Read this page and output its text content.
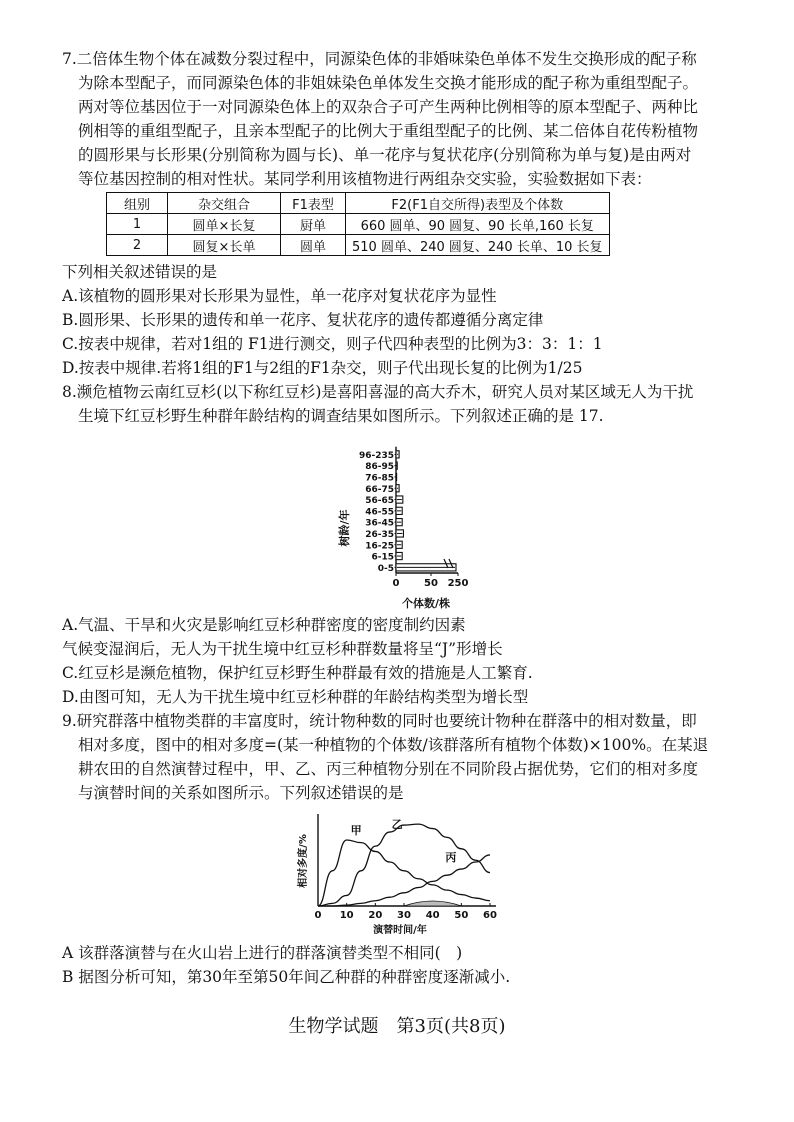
7.二倍体生物个体在减数分裂过程中，同源染色体的非婚味染色单体不发生交换形成的配子称
为除本型配子，而同源染色体的非姐妹染色单体发生交换才能形成的配子称为重组型配子。
两对等位基因位于一对同源染色体上的双杂合子可产生两种比例相等的原本型配子、两种比
例相等的重组型配子，且亲本型配子的比例大于重组型配子的比例、某二倍体自花传粉植物
的圆形果与长形果(分别简称为圆与长)、单一花序与复状花序(分别简称为单与复)是由两对
等位基因控制的相对性状。某同学利用该植物进行两组杂交实验，实验数据如下表：
组别	杂交组合	F1表型	F2(F1自交所得)表型及个体数
1	圆单×长复	厨单	660 圆单、90 圆复、90 长单,160 长复
2	圆复×长单	圆单	510 圆单、240 圆复、240 长单、10 长复
下列相关叙述错误的是
A.该植物的圆形果对长形果为显性，单一花序对复状花序为显性
B.圆形果、长形果的遗传和单一花序、复状花序的遗传都遵循分离定律
C.按表中规律，若对1组的 F1进行测交，则子代四种表型的比例为3：3：1：1
D.按表中规律.若将1组的F1与2组的F1杂交，则子代出现长复的比例为1/25
8.濒危植物云南红豆杉(以下称红豆杉)是喜阳喜湿的高大乔木，研究人员对某区域无人为干扰
生境下红豆杉野生种群年龄结构的调查结果如图所示。下列叙述正确的是 17.
树龄/年
个体数/株
0-5
6-15
16-25
26-35
36-45
46-55
56-65
66-75
76-85
86-95
96-235
0 50 250
A.气温、干旱和火灾是影响红豆杉种群密度的密度制约因素
气候变湿润后，无人为干扰生境中红豆杉种群数量将呈“J”形增长
C.红豆杉是濒危植物，保护红豆杉野生种群最有效的措施是人工繁育.
D.由图可知，无人为干扰生境中红豆杉种群的年龄结构类型为增长型
9.研究群落中植物类群的丰富度时，统计物种数的同时也要统计物种在群落中的相对数量，即
相对多度，图中的相对多度=(某一种植物的个体数/该群落所有植物个体数)×100%。在某退
耕农田的自然演替过程中，甲、乙、丙三种植物分别在不同阶段占据优势，它们的相对多度
与演替时间的关系如图所示。下列叙述错误的是
相对多度/%
演替时间/年
0 10 20 30 40 50 60
甲	乙
丙
A 该群落演替与在火山岩上进行的群落演替类型不相同(　)
B 据图分析可知，第30年至第50年间乙种群的种群密度逐渐减小.
生物学试题　第3页(共8页)
